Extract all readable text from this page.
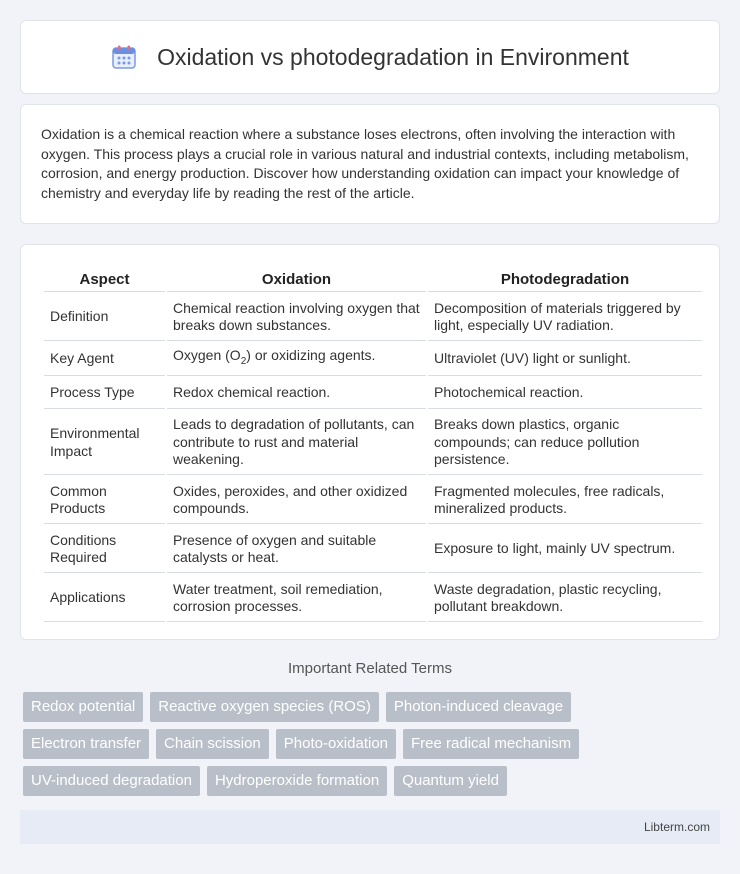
Oxidation vs photodegradation in Environment

Oxidation is a chemical reaction where a substance loses electrons, often involving the interaction with oxygen. This process plays a crucial role in various natural and industrial contexts, including metabolism, corrosion, and energy production. Discover how understanding oxidation can impact your knowledge of chemistry and everyday life by reading the rest of the article.

Aspect	Oxidation	Photodegradation
Definition	Chemical reaction involving oxygen that breaks down substances.	Decomposition of materials triggered by light, especially UV radiation.
Key Agent	Oxygen $(O_2)$ or oxidizing agents.	Ultraviolet (UV) light or sunlight.
Process Type	Redox chemical reaction.	Photochemical reaction.
Environmental Impact	Leads to degradation of pollutants, can contribute to rust and material weakening.	Breaks down plastics, organic compounds; can reduce pollution persistence.
Common Products	Oxides, peroxides, and other oxidized compounds.	Fragmented molecules, free radicals, mineralized products.
Conditions Required	Presence of oxygen and suitable catalysts or heat.	Exposure to light, mainly UV spectrum.
Applications	Water treatment, soil remediation, corrosion processes.	Waste degradation, plastic recycling, pollutant breakdown.
Important Related Terms
Redox potential	Reactive oxygen species (ROS)	Photon-induced cleavage
Electron transfer	Chain scission	Photo-oxidation	Free radical mechanism
UV-induced degradation	Hydroperoxide formation	Quantum yield
Libterm.com
